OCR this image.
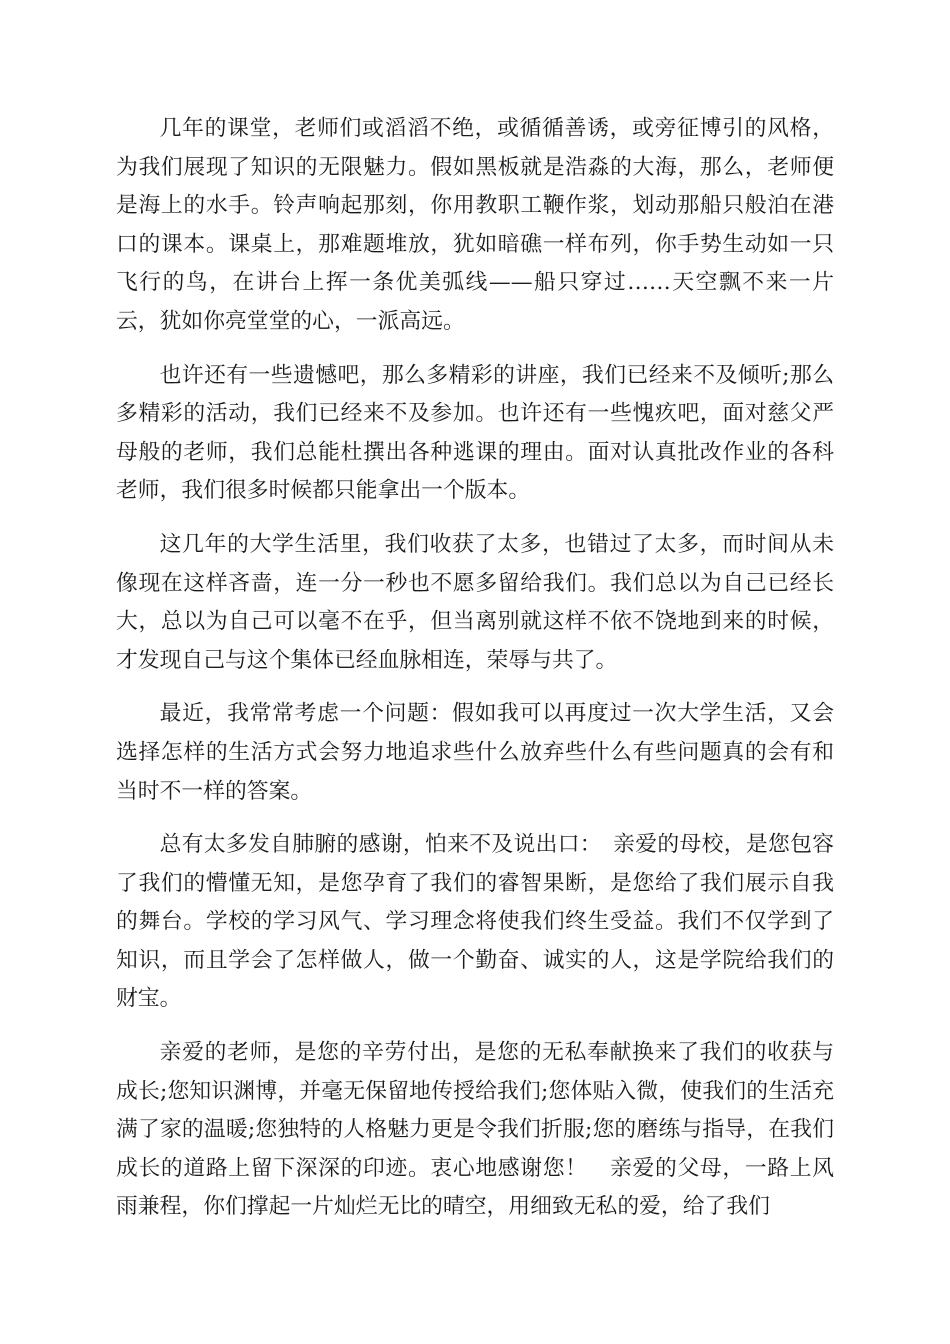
几年的课堂，老师们或滔滔不绝，或循循善诱，或旁征博引的风格，为我们展现了知识的无限魅力。假如黑板就是浩淼的大海，那么，老师便是海上的水手。铃声响起那刻，你用教职工鞭作浆，划动那船只般泊在港口的课本。课桌上，那难题堆放，犹如暗礁一样布列，你手势生动如一只飞行的鸟，在讲台上挥一条优美弧线——船只穿过……天空飘不来一片云，犹如你亮堂堂的心，一派高远。

也许还有一些遗憾吧，那么多精彩的讲座，我们已经来不及倾听;那么多精彩的活动，我们已经来不及参加。也许还有一些愧疚吧，面对慈父严母般的老师，我们总能杜撰出各种逃课的理由。面对认真批改作业的各科老师，我们很多时候都只能拿出一个版本。

这几年的大学生活里，我们收获了太多，也错过了太多，而时间从未像现在这样吝啬，连一分一秒也不愿多留给我们。我们总以为自己已经长大，总以为自己可以毫不在乎，但当离别就这样不依不饶地到来的时候，才发现自己与这个集体已经血脉相连，荣辱与共了。

最近，我常常考虑一个问题：假如我可以再度过一次大学生活，又会选择怎样的生活方式会努力地追求些什么放弃些什么有些问题真的会有和当时不一样的答案。

总有太多发自肺腑的感谢，怕来不及说出口：　亲爱的母校，是您包容了我们的懵懂无知，是您孕育了我们的睿智果断，是您给了我们展示自我的舞台。学校的学习风气、学习理念将使我们终生受益。我们不仅学到了知识，而且学会了怎样做人，做一个勤奋、诚实的人，这是学院给我们的财宝。

亲爱的老师，是您的辛劳付出，是您的无私奉献换来了我们的收获与成长;您知识渊博，并毫无保留地传授给我们;您体贴入微，使我们的生活充满了家的温暖;您独特的人格魅力更是令我们折服;您的磨练与指导，在我们成长的道路上留下深深的印迹。衷心地感谢您！　亲爱的父母，一路上风雨兼程，你们撑起一片灿烂无比的晴空，用细致无私的爱，给了我们
